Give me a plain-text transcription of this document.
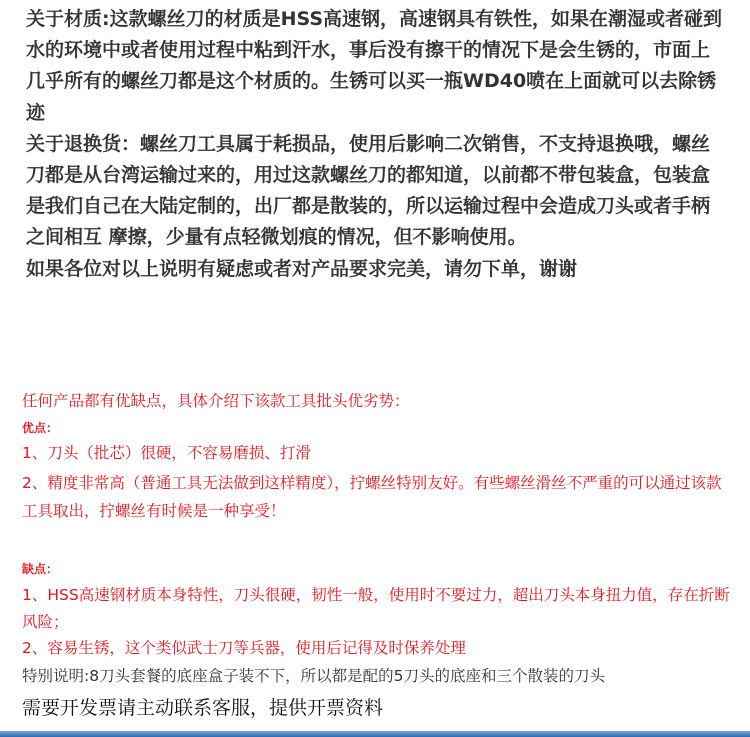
关于材质:这款螺丝刀的材质是HSS高速钢，高速钢具有铁性，如果在潮湿或者碰到水的环境中或者使用过程中粘到汗水，事后没有擦干的情况下是会生锈的，市面上几乎所有的螺丝刀都是这个材质的。生锈可以买一瓶WD40喷在上面就可以去除锈迹

关于退换货：螺丝刀工具属于耗损品，使用后影响二次销售，不支持退换哦，螺丝刀都是从台湾运输过来的，用过这款螺丝刀的都知道，以前都不带包装盒，包装盒是我们自己在大陆定制的，出厂都是散装的，所以运输过程中会造成刀头或者手柄之间相互 摩擦，少量有点轻微划痕的情况，但不影响使用。

如果各位对以上说明有疑虑或者对产品要求完美，请勿下单，谢谢

任何产品都有优缺点，具体介绍下该款工具批头优劣势：
优点：
1、刀头（批芯）很硬，不容易磨损、打滑
2、精度非常高（普通工具无法做到这样精度），拧螺丝特别友好。有些螺丝滑丝不严重的可以通过该款工具取出，拧螺丝有时候是一种享受！
缺点：
1、HSS高速钢材质本身特性，刀头很硬，韧性一般，使用时不要过力，超出刀头本身扭力值，存在折断风险；
2、容易生锈，这个类似武士刀等兵器，使用后记得及时保养处理
特别说明:8刀头套餐的底座盒子装不下，所以都是配的5刀头的底座和三个散装的刀头
需要开发票请主动联系客服，提供开票资料
